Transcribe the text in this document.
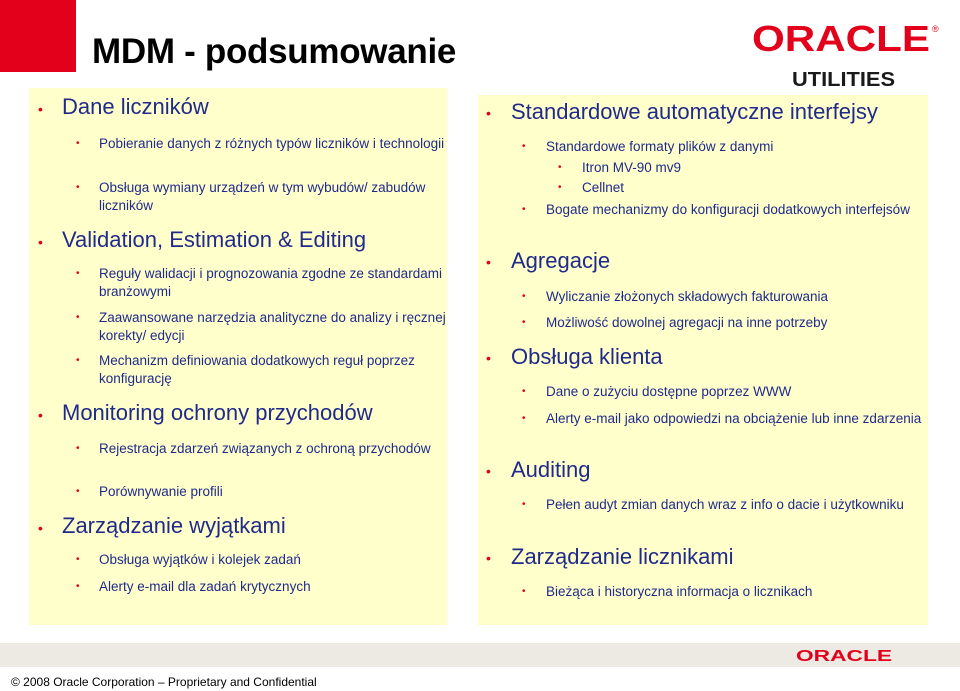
MDM - podsumowanie	ORACLE ®
UTILITIES
• Dane liczników
• Pobieranie danych z różnych typów liczników i technologii
• Obsługa wymiany urządzeń w tym wybudów/ zabudów liczników
• Validation, Estimation & Editing
• Reguły walidacji i prognozowania zgodne ze standardami branżowymi
• Zaawansowane narzędzia analityczne do analizy i ręcznej korekty/ edycji
• Mechanizm definiowania dodatkowych reguł poprzez konfigurację
• Monitoring ochrony przychodów
• Rejestracja zdarzeń związanych z ochroną przychodów
• Porównywanie profili
• Zarządzanie wyjątkami
• Obsługa wyjątków i kolejek zadań
• Alerty e-mail dla zadań krytycznych
• Standardowe automatyczne interfejsy
• Standardowe formaty plików z danymi
• Itron MV-90 mv9
• Cellnet
• Bogate mechanizmy do konfiguracji dodatkowych interfejsów
• Agregacje
• Wyliczanie złożonych składowych fakturowania
• Możliwość dowolnej agregacji na inne potrzeby
• Obsługa klienta
• Dane o zużyciu dostępne poprzez WWW
• Alerty e-mail jako odpowiedzi na obciążenie lub inne zdarzenia
• Auditing
• Pełen audyt zmian danych wraz z info o dacie i użytkowniku
• Zarządzanie licznikami
• Bieżąca i historyczna informacja o licznikach
ORACLE
© 2008 Oracle Corporation – Proprietary and Confidential
